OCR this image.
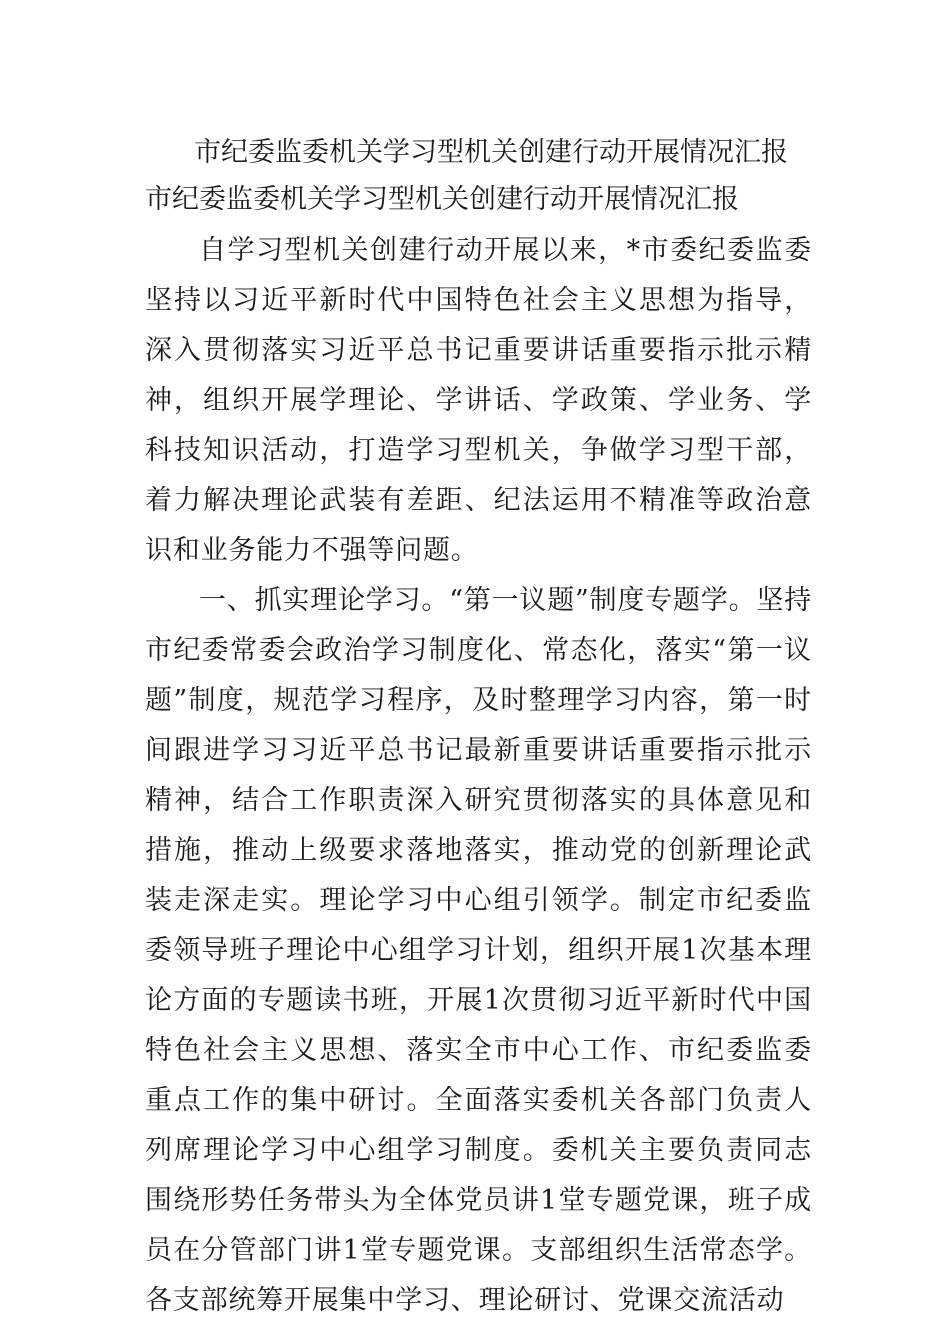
市纪委监委机关学习型机关创建行动开展情况汇报
市纪委监委机关学习型机关创建行动开展情况汇报

自学习型机关创建行动开展以来，*市委纪委监委坚持以习近平新时代中国特色社会主义思想为指导，深入贯彻落实习近平总书记重要讲话重要指示批示精神，组织开展学理论、学讲话、学政策、学业务、学科技知识活动，打造学习型机关，争做学习型干部，着力解决理论武装有差距、纪法运用不精准等政治意识和业务能力不强等问题。

一、抓实理论学习。“第一议题”制度专题学。坚持市纪委常委会政治学习制度化、常态化，落实“第一议题”制度，规范学习程序，及时整理学习内容，第一时间跟进学习习近平总书记最新重要讲话重要指示批示精神，结合工作职责深入研究贯彻落实的具体意见和措施，推动上级要求落地落实，推动党的创新理论武装走深走实。理论学习中心组引领学。制定市纪委监委领导班子理论中心组学习计划，组织开展1次基本理论方面的专题读书班，开展1次贯彻习近平新时代中国特色社会主义思想、落实全市中心工作、市纪委监委重点工作的集中研讨。全面落实委机关各部门负责人列席理论学习中心组学习制度。委机关主要负责同志围绕形势任务带头为全体党员讲1堂专题党课，班子成员在分管部门讲1堂专题党课。支部组织生活常态学。各支部统筹开展集中学习、理论研讨、党课交流活动
